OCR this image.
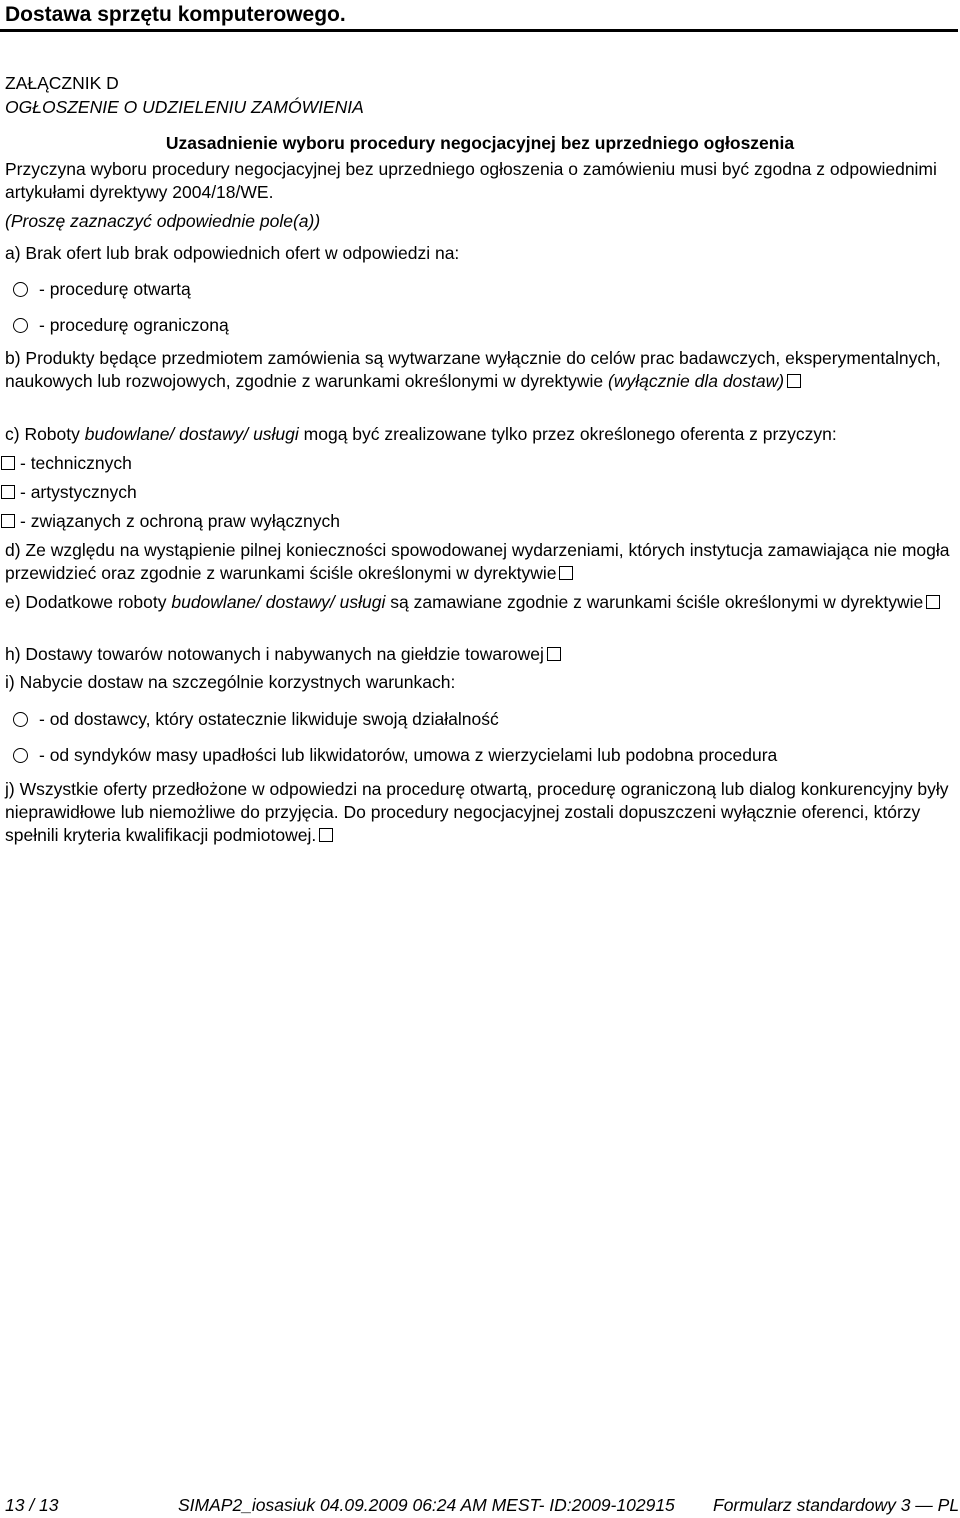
Dostawa sprzętu komputerowego.
ZAŁĄCZNIK D
OGŁOSZENIE O UDZIELENIU ZAMÓWIENIA
Uzasadnienie wyboru procedury negocjacyjnej bez uprzedniego ogłoszenia
Przyczyna wyboru procedury negocjacyjnej bez uprzedniego ogłoszenia o zamówieniu musi być zgodna z odpowiednimi artykułami dyrektywy 2004/18/WE.
(Proszę zaznaczyć odpowiednie pole(a))
a) Brak ofert lub brak odpowiednich ofert w odpowiedzi na:
- procedurę otwartą
- procedurę ograniczoną
b) Produkty będące przedmiotem zamówienia są wytwarzane wyłącznie do celów prac badawczych, eksperymentalnych, naukowych lub rozwojowych, zgodnie z warunkami określonymi w dyrektywie (wyłącznie dla dostaw)
c) Roboty budowlane/ dostawy/ usługi mogą być zrealizowane tylko przez określonego oferenta z przyczyn:
- technicznych
- artystycznych
- związanych z ochroną praw wyłącznych
d) Ze względu na wystąpienie pilnej konieczności spowodowanej wydarzeniami, których instytucja zamawiająca nie mogła przewidzieć oraz zgodnie z warunkami ściśle określonymi w dyrektywie
e) Dodatkowe roboty budowlane/ dostawy/ usługi są zamawiane zgodnie z warunkami ściśle określonymi w dyrektywie
h) Dostawy towarów notowanych i nabywanych na giełdzie towarowej
i) Nabycie dostaw na szczególnie korzystnych warunkach:
- od dostawcy, który ostatecznie likwiduje swoją działalność
- od syndyków masy upadłości lub likwidatorów, umowa z wierzycielami lub podobna procedura
j) Wszystkie oferty przedłożone w odpowiedzi na procedurę otwartą, procedurę ograniczoną lub dialog konkurencyjny były nieprawidłowe lub niemożliwe do przyjęcia. Do procedury negocjacyjnej zostali dopuszczeni wyłącznie oferenci, którzy spełnili kryteria kwalifikacji podmiotowej.
13 / 13	SIMAP2_iosasiuk 04.09.2009 06:24 AM MEST- ID:2009-102915 Formularz standardowy 3 — PL
